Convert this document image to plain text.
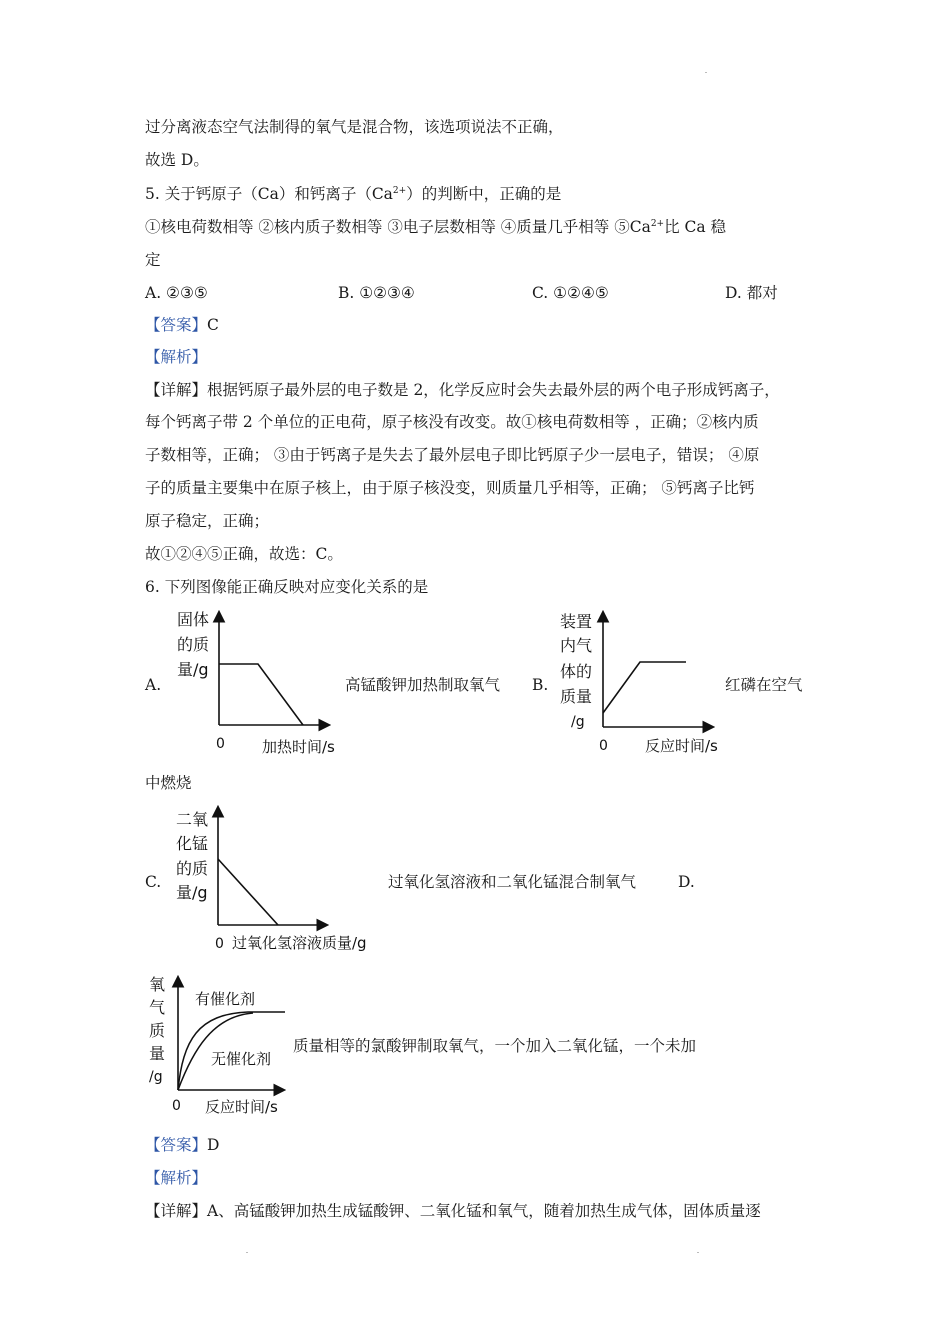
过分离液态空气法制得的氧气是混合物，该选项说法不正确，
故选 D。
5. 关于钙原子（Ca）和钙离子$(Ca^{2+})$的判断中，正确的是
①核电荷数相等 ②核内质子数相等 ③电子层数相等 ④质量几乎相等 $⑤Ca^{2+}$比 Ca 稳
定
A. ②③⑤	B. ①②③④	C. ①②④⑤	D. 都对
【答案】C
【解析】
【详解】根据钙原子最外层的电子数是 2，化学反应时会失去最外层的两个电子形成钙离子，
每个钙离子带 2 个单位的正电荷，原子核没有改变。故①核电荷数相等 ，正确；②核内质
子数相等，正确； ③由于钙离子是失去了最外层电子即比钙原子少一层电子，错误； ④原
子的质量主要集中在原子核上，由于原子核没变，则质量几乎相等，正确； ⑤钙离子比钙
原子稳定，正确；
故①②④⑤正确，故选：C。
6. 下列图像能正确反映对应变化关系的是
A.
固体
的质
量/g
0 加热时间/s
高锰酸钾加热制取氧气 B.
装置
内气
体的
质量
/g
0 反应时间/s
红磷在空气
中燃烧
C.
二氧
化锰
的质
量/g
0 过氧化氢溶液质量/g
过氧化氢溶液和二氧化锰混合制氧气	D.
氧
气
质
量
/g
0 反应时间/s
有催化剂
无催化剂
质量相等的氯酸钾制取氧气，一个加入二氧化锰，一个未加
【答案】D
【解析】
【详解】A、高锰酸钾加热生成锰酸钾、二氧化锰和氧气，随着加热生成气体，固体质量逐
